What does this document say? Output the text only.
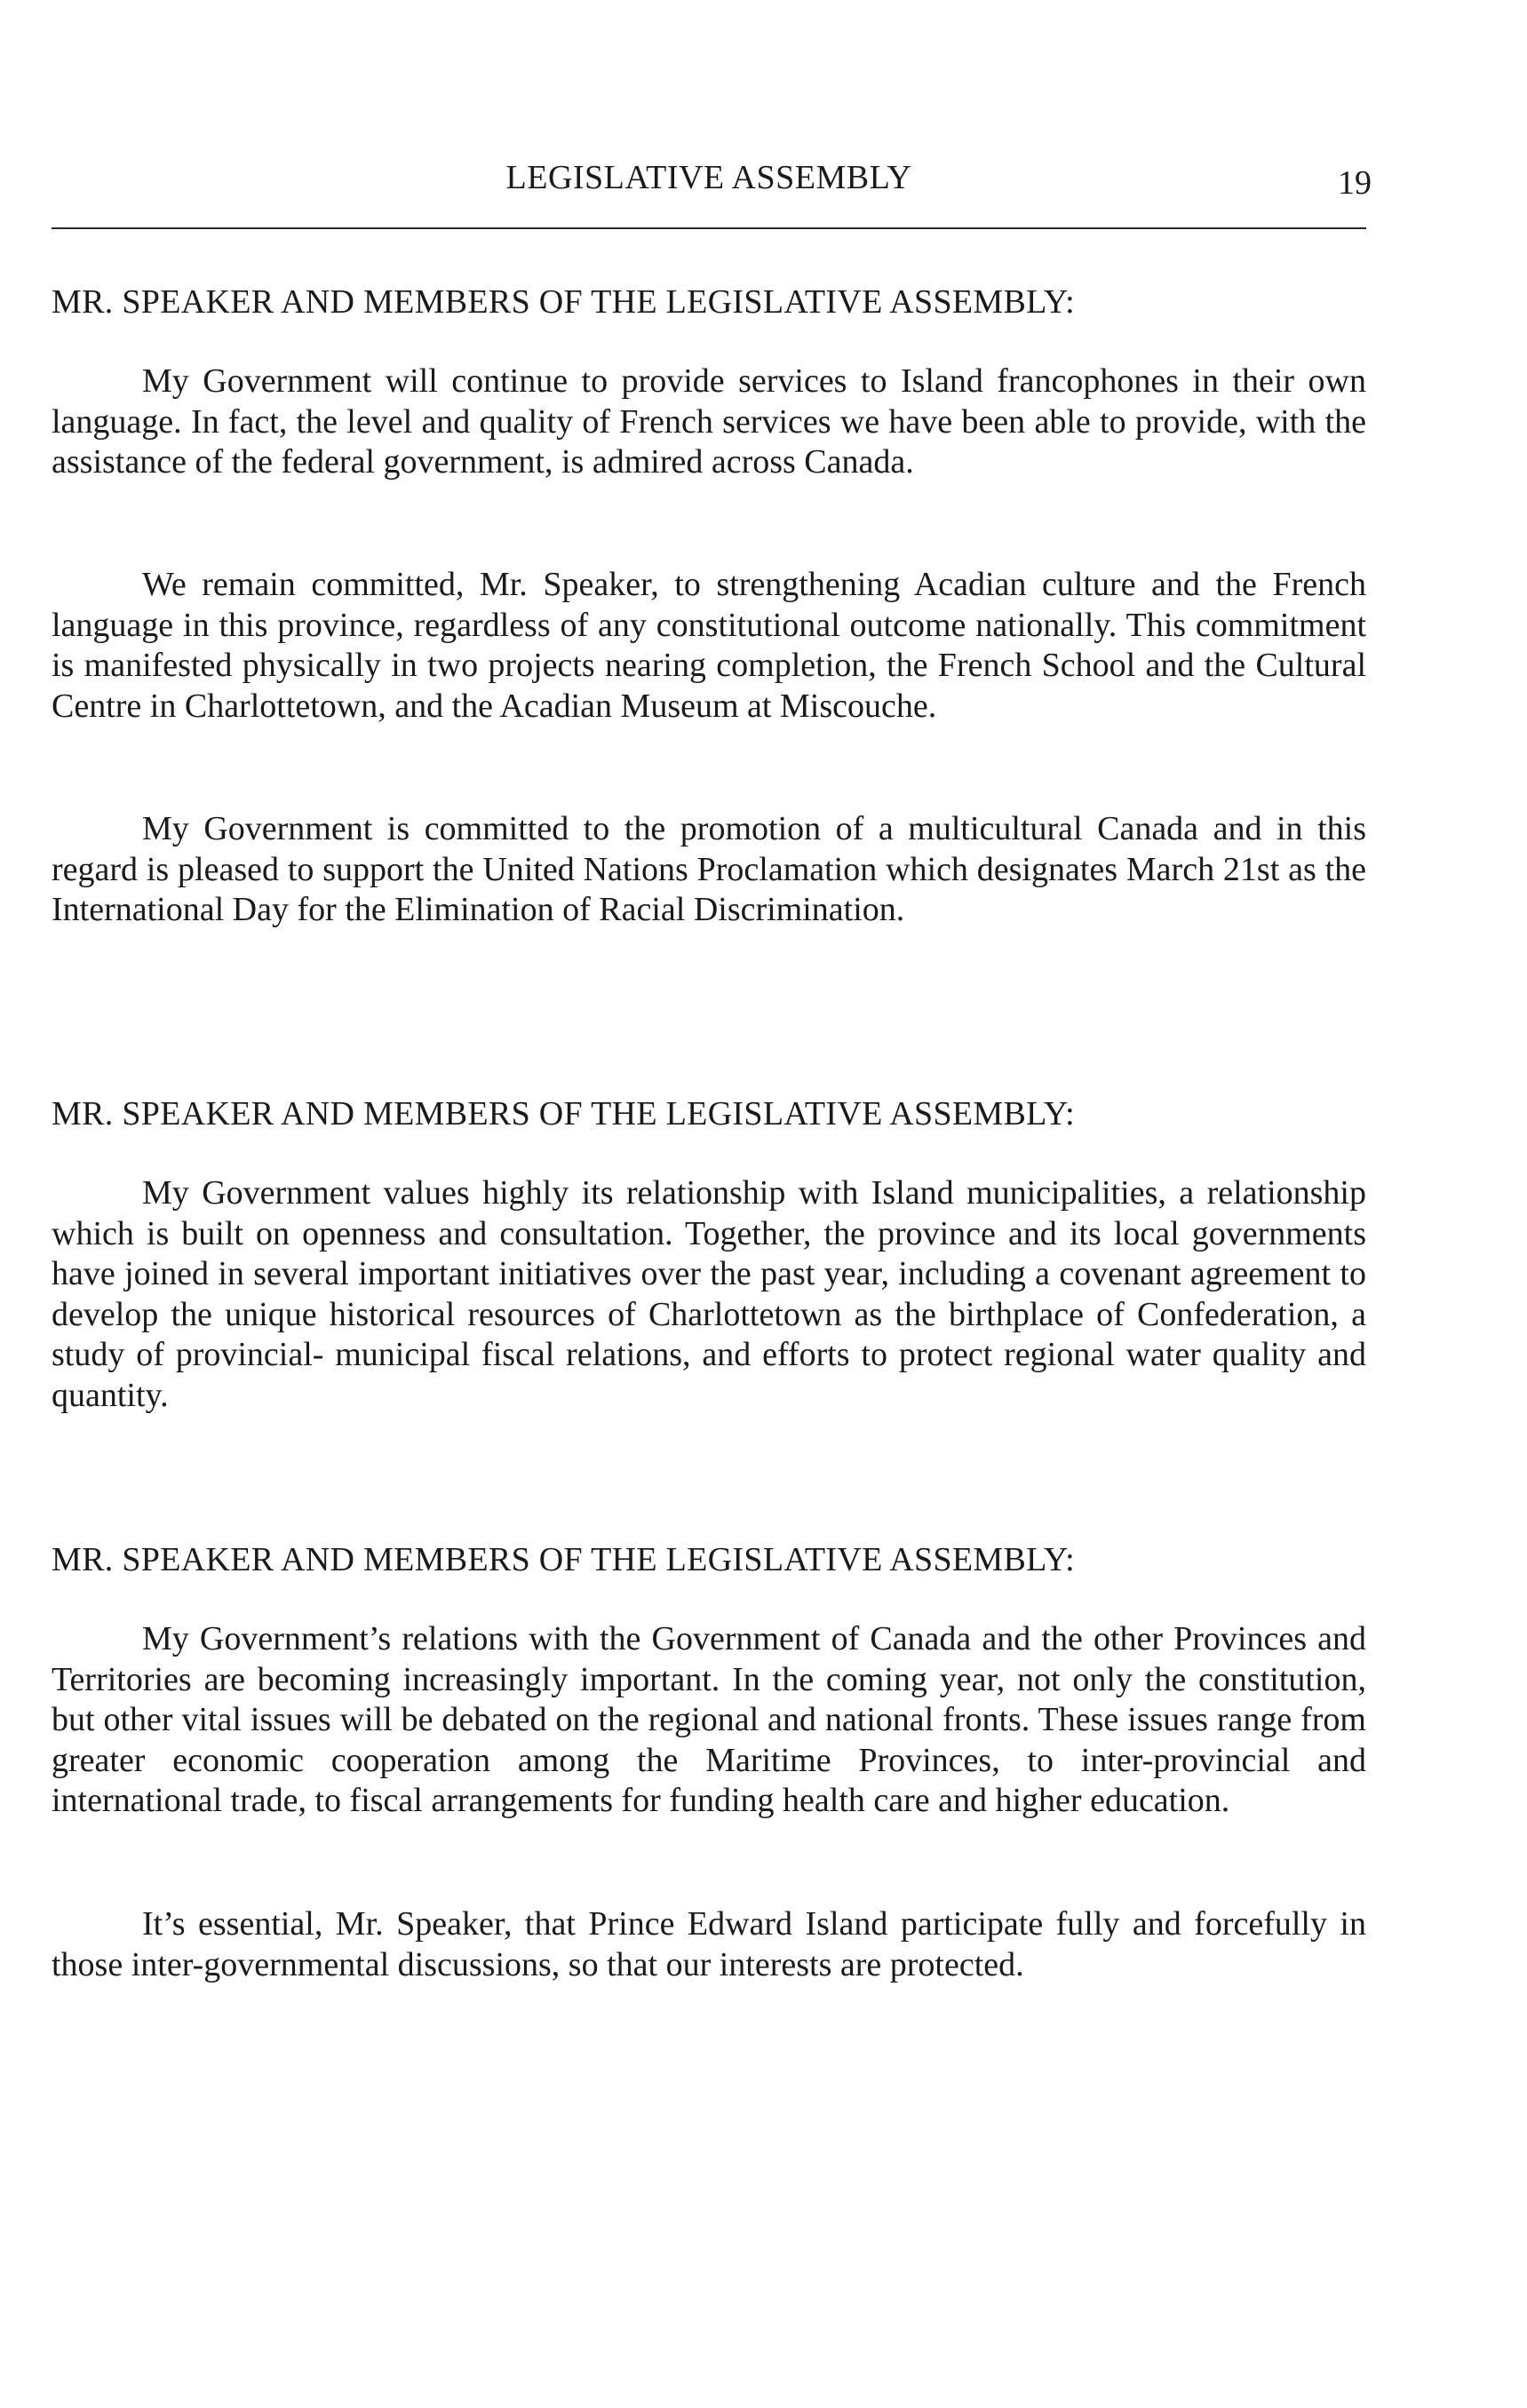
LEGISLATIVE ASSEMBLY	19
MR. SPEAKER AND MEMBERS OF THE LEGISLATIVE ASSEMBLY:

My Government will continue to provide services to Island francophones in their own language. In fact, the level and quality of French services we have been able to provide, with the assistance of the federal government, is admired across Canada.

We remain committed, Mr. Speaker, to strengthening Acadian culture and the French language in this province, regardless of any constitutional outcome nationally. This commitment is manifested physically in two projects nearing completion, the French School and the Cultural Centre in Charlottetown, and the Acadian Museum at Miscouche.

My Government is committed to the promotion of a multicultural Canada and in this regard is pleased to support the United Nations Proclamation which designates March 21st as the International Day for the Elimination of Racial Discrimination.

MR. SPEAKER AND MEMBERS OF THE LEGISLATIVE ASSEMBLY:

My Government values highly its relationship with Island municipalities, a relationship which is built on openness and consultation. Together, the province and its local governments have joined in several important initiatives over the past year, including a covenant agreement to develop the unique historical resources of Charlottetown as the birthplace of Confederation, a study of provincial- municipal fiscal relations, and efforts to protect regional water quality and quantity.

MR. SPEAKER AND MEMBERS OF THE LEGISLATIVE ASSEMBLY:

My Government’s relations with the Government of Canada and the other Provinces and Territories are becoming increasingly important. In the coming year, not only the constitution, but other vital issues will be debated on the regional and national fronts. These issues range from greater economic cooperation among the Maritime Provinces, to inter-provincial and international trade, to fiscal arrangements for funding health care and higher education.

It’s essential, Mr. Speaker, that Prince Edward Island participate fully and forcefully in those inter-governmental discussions, so that our interests are protected.
